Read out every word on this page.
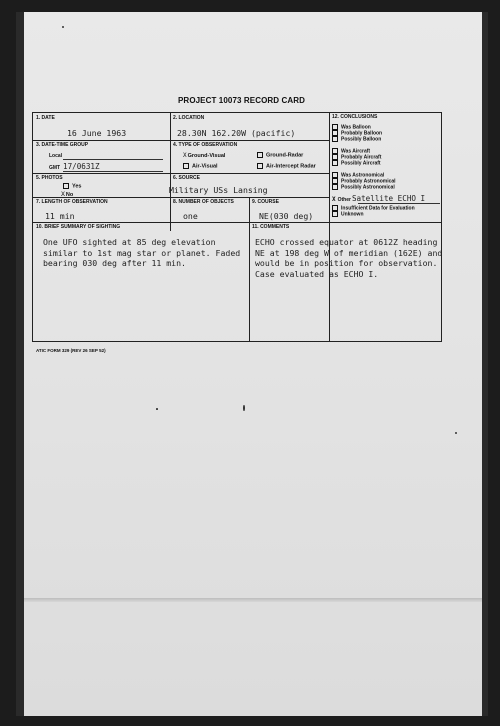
PROJECT 10073 RECORD CARD
1. DATE
16 June 1963
2. LOCATION
28.30N 162.20W (pacific)
3. DATE-TIME GROUP
Local
GMT 17/0631Z
4. TYPE OF OBSERVATION
XGround-Visual	Ground-Radar
Air-Visual	Air-Intercept Radar
5. PHOTOS
Yes
XNo
6. SOURCE
Military USs Lansing
7. LENGTH OF OBSERVATION
11 min
8. NUMBER OF OBJECTS
one
9. COURSE
NE(030 deg)
10. BRIEF SUMMARY OF SIGHTING
One UFO sighted at 85 deg elevation similar to 1st mag star or planet. Faded bearing 030 deg after 11 min.
11. COMMENTS
ECHO crossed equator at 0612Z heading NE at 198 deg W of meridian (162E) and would be in position for observation. Case evaluated as ECHO I.
12. CONCLUSIONS
Was Balloon
Probably Balloon
Possibly Balloon
Was Aircraft
Probably Aircraft
Possibly Aircraft
Was Astronomical
Probably Astronomical
Possibly Astronomical
X OtherSatellite ECHO I
Insufficient Data for Evaluation
Unknown
ATIC FORM 329 (REV 26 SEP 52)
